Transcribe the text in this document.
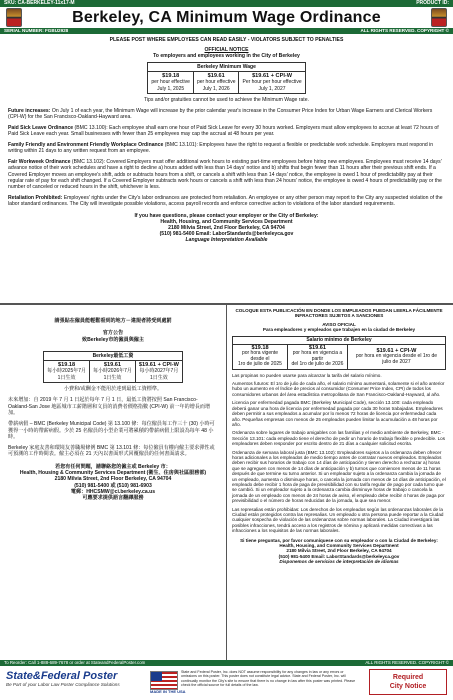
SKU: CA-BERKELEY-11x17-M	PRODUCT ID:
Berkeley, CA Minimum Wage Ordinance
SERIAL NUMBER: FGBU2928	ALL RIGHTS RESERVED. COPYRIGHT ©
PLEASE POST WHERE EMPLOYEES CAN READ EASILY - VIOLATORS SUBJECT TO PENALTIES
OFFICIAL NOTICE
To employers and employees working in the City of Berkeley
Berkeley Minimum Wage

$19.18
per hour effective
July 1, 2025

$19.61
per hour effective
July 1, 2026

$19.61 + CPI-W
Per hour per hour effective
July 1, 2027
Tips and/or gratuities cannot be used to achieve the Minimum Wage rate.
Future increases: On July 1 of each year, the Minimum Wage will increase by the prior calendar year's increase in the Consumer Price Index for Urban Wage Earners and Clerical Workers (CPI-W) for the San Francisco-Oakland-Hayward area.
Paid Sick Leave Ordinance (BMC 13.100): Each employee shall earn one hour of Paid Sick Leave for every 30 hours worked. Employers must allow employees to accrue at least 72 hours of Paid Sick Leave each year. Small businesses with fewer than 25 employees may cap the accrual at 48 hours per year.
Family Friendly and Environment Friendly Workplace Ordinance (BMC 13.101): Employees have the right to request a flexible or predictable work schedule. Employers must respond in writing within 21 days to any written request from an employee.
Fair Workweek Ordinance (BMC 13.102): Covered Employers must offer additional work hours to existing part-time employees before hiring new employees. Employees must receive 14 days' advance notice of their work schedules and have a right to decline a) hours added with less than 14 days' notice and b) shifts that begin fewer than 11 hours after their previous shift ends. If a Covered Employer moves an employee's shift, adds or subtracts hours from a shift, or cancels a shift with less than 14 days' notice, the employee is owed 1 hour of predictability pay at their regular rate of pay for each shift changed. If a Covered Employer subtracts work hours or cancels a shift with less than 24 hours' notice, the employee is owed 4 hours of predictability pay or the number of canceled or reduced hours in the shift, whichever is less.
Retaliation Prohibited: Employees' rights under the City's labor ordinances are protected from retaliation. An employee or any other person may report to the City any suspected violation of the labor standard ordinances. The City will investigate possible violations, access payroll records and enforce corrective action to violations of the labor standard requirements.
If you have questions, please contact your employer or the City of Berkeley:
Health, Housing, and Community Services Department
2180 Milvia Street, 2nd Floor Berkeley, CA 94704
(510) 981-5400 Email: LaborStandards@berkeleyca.gov
Language Interpretation Available
請張貼在僱員能輕鬆看到的地方－違規者將受到處罰
官方公告
致Berkeley市的僱員與僱主
Berkeley最低工資

$19.18
每小時2025年7月
1日生效

$19.61
每小時2026年7月
1日生效

$19.61 + CPI-W
每小時2027年7月
1日生效
小費和/或酬金不能用於達到最低工資標準。
未來增加：自 2019 年 7 月 1 日起於每年 7 月 1 日，最低工資將按照 San Francisco-Oakland-San Jose 地區城市工薪階層和文員的消費者價格指數 (CPI-W) 前一年的增長而增加。
帶薪病假 – BMC (Berkeley Municipal Code) 第 13.100 條：每位僱員每工作三十 (30) 小時可獲得一小時的帶薪病假。少於 25 名僱員的小型企業可將累積的帶薪病假上限設為每年 48 小時。
Berkeley 家庭友善和環境友善職場條例 BMC 第 13.101 條：每位僱員有權向僱主要求彈性或可預測的工作時間表。僱主必須在 21 天內以書面形式回覆僱員的任何書面請求。
若您有任何問題，請聯絡您的僱主或 Berkeley 市：
Health, Housing & Community Services Department (衛生、住房與社區服務部)
2180 Milvia Street, 2nd Floor Berkeley, CA 94704
(510) 981-5400 或 (510) 981-6903
電郵：HHCSMW@ci.berkeley.ca.us
可應要求提供語言翻譯服務
COLOQUE ESTA PUBLICACIÓN EN DONDE LOS EMPLEADOS PUEDAN LEERLA FÁCILMENTE INFRACTORES SUJETOS A SANCIONES
AVISO OFICIAL
Para empleadores y empleados que trabajen en la ciudad de Berkeley
Salario mínimo de Berkeley

$19.18
por hora vigente desde el
1ro de julio de 2025

$19.61
por hora en vigencia a partir
del 1ro de julio de 2026

$19.61 + CPI-W
por hora en vigencia desde el 1ro de julio de 2027
Las propinas no pueden usarse para alcanzar la tarifa del salario mínimo.
Aumentos futuros: El 1ro de julio de cada año, el salario mínimo aumentará, solamente si el año anterior hubo un aumento en el Índice de precios al consumidor (Consumer Price Index, CPI) de todos los consumidores urbanos del área estadística metropolitana de San Francisco-Oakland-Hayward, al año.
Licencia por enfermedad pagada BMC (Berkeley Municipal Code), sección 13.100: cada empleado deberá ganar una hora de licencia por enfermedad pagada por cada 30 horas trabajadas. Empleadores deben permitir a sus empleados a acumular por lo menos 72 horas de licencia por enfermedad cada año. Pequeñas empresas con menos de 25 empleados pueden limitar la acumulación a 48 horas por año.
Ordenanza sobre lugares de trabajo amigables con las familias y el medio ambiente de Berkeley, BMC - Sección 13.101: cada empleado tiene el derecho de pedir un horario de trabajo flexible o predecible. Los empleadores deben responder por escrito dentro de 21 días a cualquier solicitud escrita.
Ordenanza de semana laboral justa (BMC 13.102): Empleadores sujetos a la ordenanza deben ofrecer horas adicionales a los empleados de medio tiempo antes de contratar nuevos empleados. Empleados deben recibir sus horarios de trabajo con 14 días de anticipación y tienen derecho a rechazar a) horas que se agreguen con menos de 14 días de anticipación y b) turnos que comiencen menos de 11 horas después de que termine su turno anterior. Si un empleador sujeto a la ordenanza cambia la jornada de un empleado, aumenta o disminuye horas, o cancela la jornada con menos de 14 días de anticipación, el empleado debe recibir 1 hora de paga de previsibilidad con su tarifa regular de pago por cada turno que se cambió. Si un empleador sujeto a la ordenanza cambia disminuye horas de trabajo o cancela la jornada de un empleado con menos de 24 horas de aviso, el empleado debe recibir 4 horas de paga por previsibilidad o el número de horas reducidas de la jornada, la que sea menor.
Las represalias están prohibidas: Los derechos de los empleados según las ordenanzas laborales de la Ciudad están protegidos contra las represalias. Un empleado u otra persona puede reportar a la Ciudad cualquier sospecha de violación de las ordenanzas sobre normas laborales. La Ciudad investigará las posibles infracciones, tendrá acceso a los registros de nómina y aplicará medidas correctivas a las infracciones a los requisitos de las normas laborales.
Si tiene preguntas, por favor comuníquese con su empleador o con la Ciudad de Berkeley:
Health, Housing, and Community Services Department
2180 Milvia Street, 2nd Floor Berkeley, CA 94704
(510) 981-5400 Email: LaborStandards@berkeleyca.gov
Disponemos de servicios de interpretación de idiomas
To Reorder: Call 1-888-689-7678 or order at StateandFederalPoster.com	ALL RIGHTS RESERVED. COPYRIGHT ©
State&Federal Poster
Be Part of your Labor Law Poster Compliance Solutions
MADE IN THE USA
State and Federal Poster, Inc. does NOT assume responsibility for any changes in law or any errors or omissions on this poster. This poster does not constitute legal advice. State and Federal Poster, Inc. will continually monitor the City's site to ensure that there is no change in law after this poster was printed. Please check the official source for full details of the law.
Required
City Notice
